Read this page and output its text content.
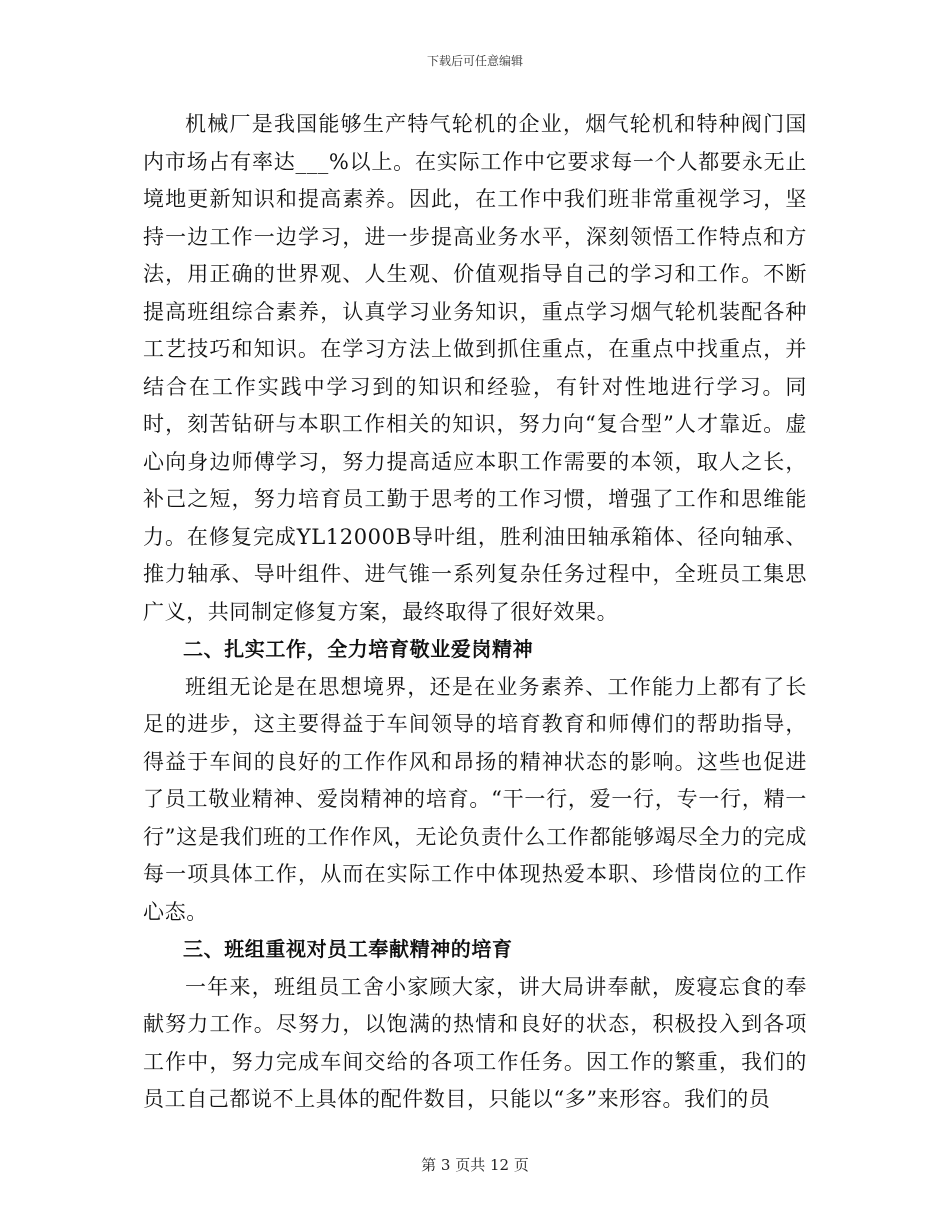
下载后可任意编辑

机械厂是我国能够生产特气轮机的企业，烟气轮机和特种阀门国内市场占有率达___%以上。在实际工作中它要求每一个人都要永无止境地更新知识和提高素养。因此，在工作中我们班非常重视学习，坚持一边工作一边学习，进一步提高业务水平，深刻领悟工作特点和方法，用正确的世界观、人生观、价值观指导自己的学习和工作。不断提高班组综合素养，认真学习业务知识，重点学习烟气轮机装配各种工艺技巧和知识。在学习方法上做到抓住重点，在重点中找重点，并结合在工作实践中学习到的知识和经验，有针对性地进行学习。同时，刻苦钻研与本职工作相关的知识，努力向“复合型”人才靠近。虚心向身边师傅学习，努力提高适应本职工作需要的本领，取人之长，补己之短，努力培育员工勤于思考的工作习惯，增强了工作和思维能力。在修复完成YL12000B导叶组，胜利油田轴承箱体、径向轴承、推力轴承、导叶组件、进气锥一系列复杂任务过程中，全班员工集思广义，共同制定修复方案，最终取得了很好效果。

二、扎实工作，全力培育敬业爱岗精神

班组无论是在思想境界，还是在业务素养、工作能力上都有了长足的进步，这主要得益于车间领导的培育教育和师傅们的帮助指导，得益于车间的良好的工作作风和昂扬的精神状态的影响。这些也促进了员工敬业精神、爱岗精神的培育。“干一行，爱一行，专一行，精一行”这是我们班的工作作风，无论负责什么工作都能够竭尽全力的完成每一项具体工作，从而在实际工作中体现热爱本职、珍惜岗位的工作心态。

三、班组重视对员工奉献精神的培育

一年来，班组员工舍小家顾大家，讲大局讲奉献，废寝忘食的奉献努力工作。尽努力，以饱满的热情和良好的状态，积极投入到各项工作中，努力完成车间交给的各项工作任务。因工作的繁重，我们的员工自己都说不上具体的配件数目，只能以“多”来形容。我们的员

第 3 页共 12 页
